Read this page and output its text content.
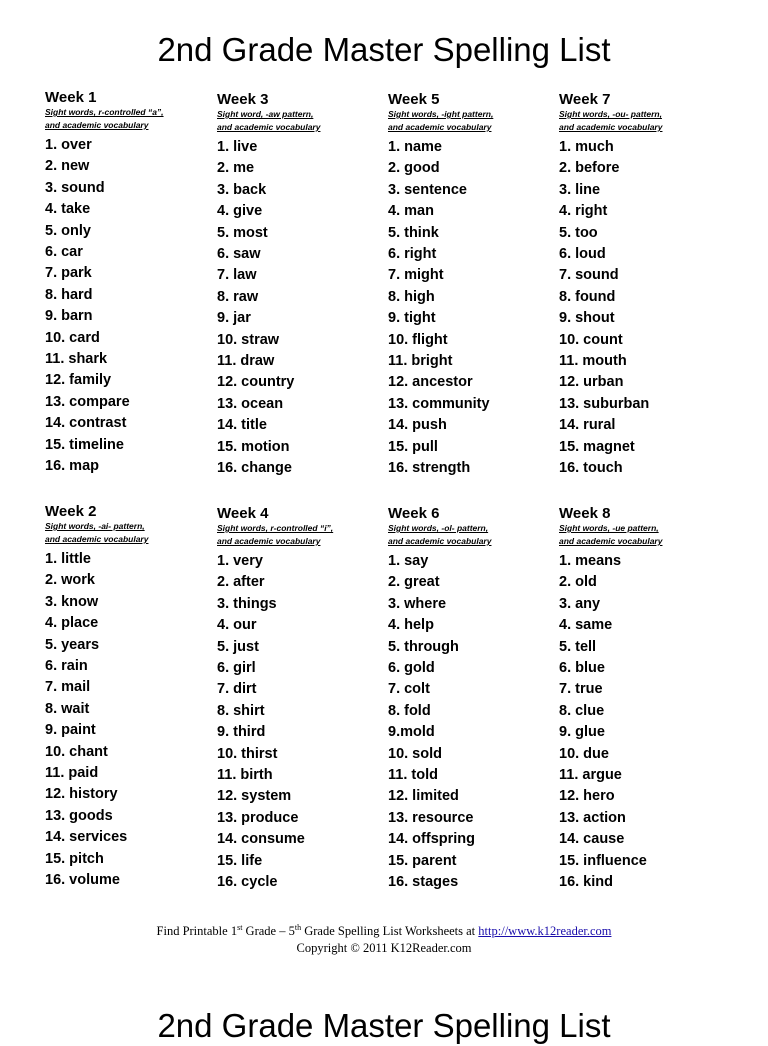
2nd Grade Master Spelling List
Week 1
Sight words, r-controlled “a”,
and academic vocabulary
1. over
2. new
3. sound
4. take
5. only
6. car
7. park
8. hard
9. barn
10. card
11. shark
12. family
13. compare
14. contrast
15. timeline
16. map
Week 3
Sight word, -aw pattern,
and academic vocabulary
1. live
2. me
3. back
4. give
5. most
6. saw
7. law
8. raw
9. jar
10. straw
11. draw
12. country
13. ocean
14. title
15. motion
16. change
Week 5
Sight words, -ight pattern,
and academic vocabulary
1. name
2. good
3. sentence
4. man
5. think
6. right
7. might
8. high
9. tight
10. flight
11. bright
12. ancestor
13. community
14. push
15. pull
16. strength
Week 7
Sight words, -ou- pattern,
and academic vocabulary
1. much
2. before
3. line
4. right
5. too
6. loud
7. sound
8. found
9. shout
10. count
11. mouth
12. urban
13. suburban
14. rural
15. magnet
16. touch
Week 2
Sight words, -ai- pattern,
and academic vocabulary
1. little
2. work
3. know
4. place
5. years
6. rain
7. mail
8. wait
9. paint
10. chant
11. paid
12. history
13. goods
14. services
15. pitch
16. volume
Week 4
Sight words, r-controlled “i”,
and academic vocabulary
1. very
2. after
3. things
4. our
5. just
6. girl
7. dirt
8. shirt
9. third
10. thirst
11. birth
12. system
13. produce
14. consume
15. life
16. cycle
Week 6
Sight words, -ol- pattern,
and academic vocabulary
1. say
2. great
3. where
4. help
5. through
6. gold
7. colt
8. fold
9.mold
10. sold
11. told
12. limited
13. resource
14. offspring
15. parent
16. stages
Week 8
Sight words, -ue pattern,
and academic vocabulary
1. means
2. old
3. any
4. same
5. tell
6. blue
7. true
8. clue
9. glue
10. due
11. argue
12. hero
13. action
14. cause
15. influence
16. kind
Find Printable 1st Grade – 5th Grade Spelling List Worksheets at http://www.k12reader.com
Copyright © 2011 K12Reader.com
2nd Grade Master Spelling List
